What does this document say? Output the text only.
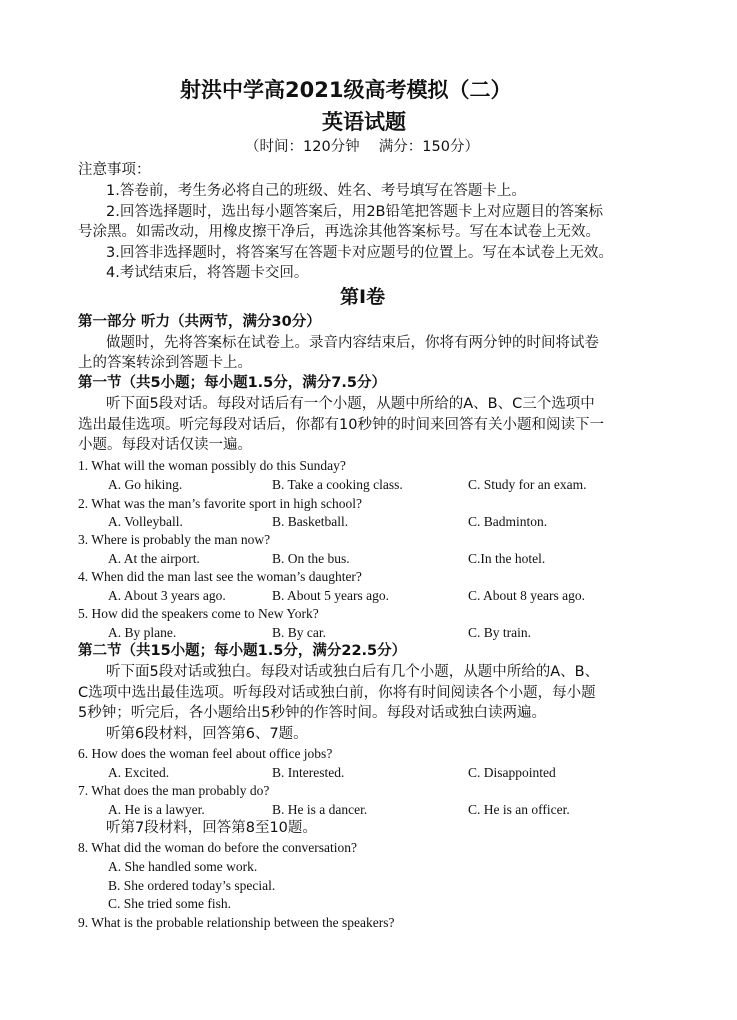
射洪中学高2021级高考模拟（二）
英语试题
（时间：120分钟　 满分：150分）
注意事项：
1.答卷前，考生务必将自己的班级、姓名、考号填写在答题卡上。
2.回答选择题时，选出每小题答案后，用2B铅笔把答题卡上对应题目的答案标
号涂黑。如需改动，用橡皮擦干净后，再选涂其他答案标号。写在本试卷上无效。
3.回答非选择题时，将答案写在答题卡对应题号的位置上。写在本试卷上无效。
4.考试结束后，将答题卡交回。
第Ⅰ卷
第一部分 听力（共两节，满分30分）
做题时，先将答案标在试卷上。录音内容结束后，你将有两分钟的时间将试卷
上的答案转涂到答题卡上。
第一节（共5小题；每小题1.5分，满分7.5分）
听下面5段对话。每段对话后有一个小题，从题中所给的A、B、C三个选项中
选出最佳选项。听完每段对话后，你都有10秒钟的时间来回答有关小题和阅读下一
小题。每段对话仅读一遍。
1. What will the woman possibly do this Sunday?
A. Go hiking.	B. Take a cooking class.	C. Study for an exam.
2. What was the man’s favorite sport in high school?
A. Volleyball.	B. Basketball.	C. Badminton.
3. Where is probably the man now?
A. At the airport.	B. On the bus.	C.In the hotel.
4. When did the man last see the woman’s daughter?
A. About 3 years ago.	B. About 5 years ago.	C. About 8 years ago.
5. How did the speakers come to New York?
A. By plane.	B. By car.	C. By train.
第二节（共15小题；每小题1.5分，满分22.5分）
听下面5段对话或独白。每段对话或独白后有几个小题，从题中所给的A、B、
C选项中选出最佳选项。听每段对话或独白前，你将有时间阅读各个小题，每小题
5秒钟；听完后，各小题给出5秒钟的作答时间。每段对话或独白读两遍。
听第6段材料，回答第6、7题。
6. How does the woman feel about office jobs?
A. Excited.	B. Interested.	C. Disappointed
7. What does the man probably do?
A. He is a lawyer.	B. He is a dancer.	C. He is an officer.
听第7段材料，回答第8至10题。
8. What did the woman do before the conversation?
A. She handled some work.
B. She ordered today’s special.
C. She tried some fish.
9. What is the probable relationship between the speakers?
